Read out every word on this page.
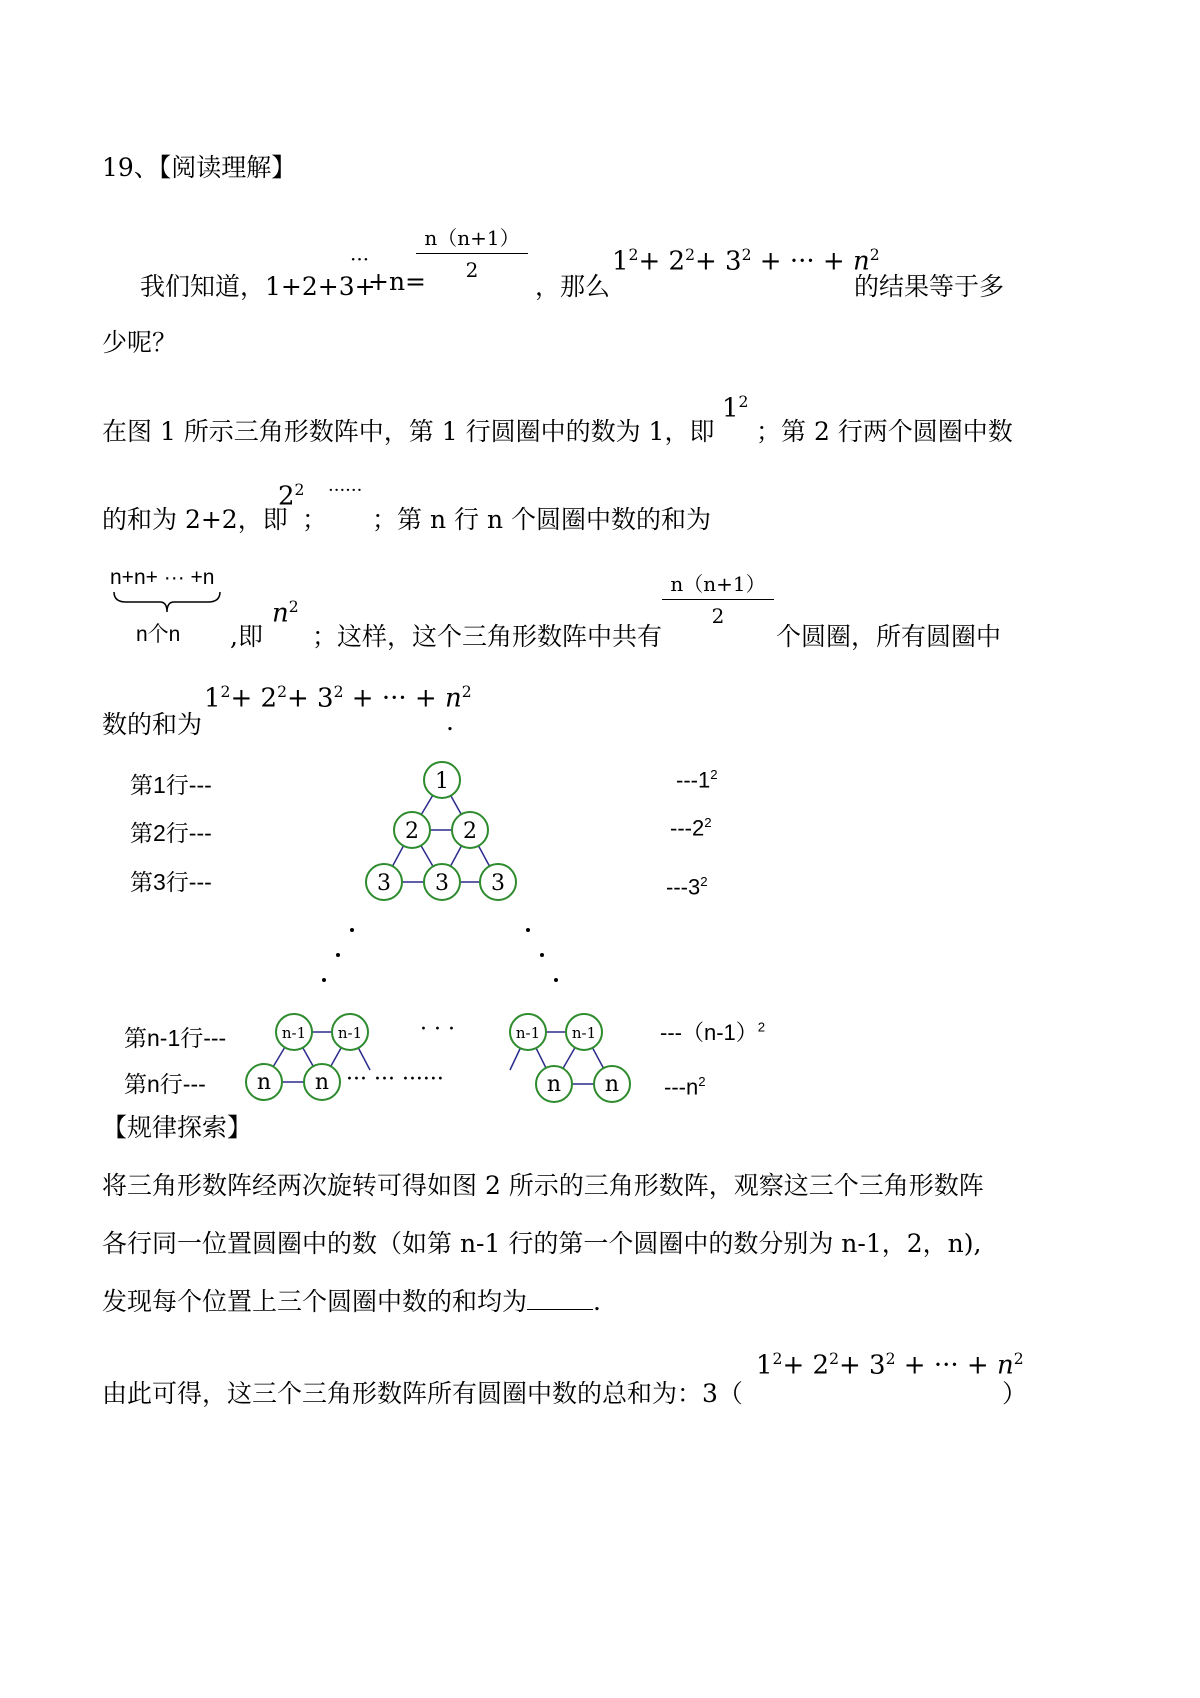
19、【阅读理解】
我们知道，1+2+3+
···
+n=
n（n+1）
2
，那么
$1^2+ 2^2+ 3^2$ + ··· + $n^2$
的结果等于多
少呢？
在图 1 所示三角形数阵中，第 1 行圆圈中的数为 1，即
$1^2$
；第 2 行两个圆圈中数
的和为 2+2，即
$2^2$
；
······
；第 n 行 n 个圆圈中数的和为
n+n+ ··· +n
n个n ,即
$n^2$
；这样，这个三角形数阵中共有
n（n+1）
2
个圆圈，所有圆圈中
数的和为
$1^2+ 2^2+ 3^2$ + ··· + $n^2$
.
第1行---
第2行---
第3行---
第n-1行---
第n行---
$---1^2$
$---2^2$
$---3^2$
$---(n-1)^2$
$---n^2$
1
2 2
3 3 3
n-1 n-1	n-1 n-1
n n	n n
· · ·
··· ··· ······
【规律探索】
将三角形数阵经两次旋转可得如图 2 所示的三角形数阵，观察这三个三角形数阵
各行同一位置圆圈中的数（如第 n-1 行的第一个圆圈中的数分别为 n-1，2，n),
发现每个位置上三个圆圈中数的和均为	.
由此可得，这三个三角形数阵所有圆圈中数的总和为：3（
$1^2+ 2^2+ 3^2$ + ··· + $n^2$
）
